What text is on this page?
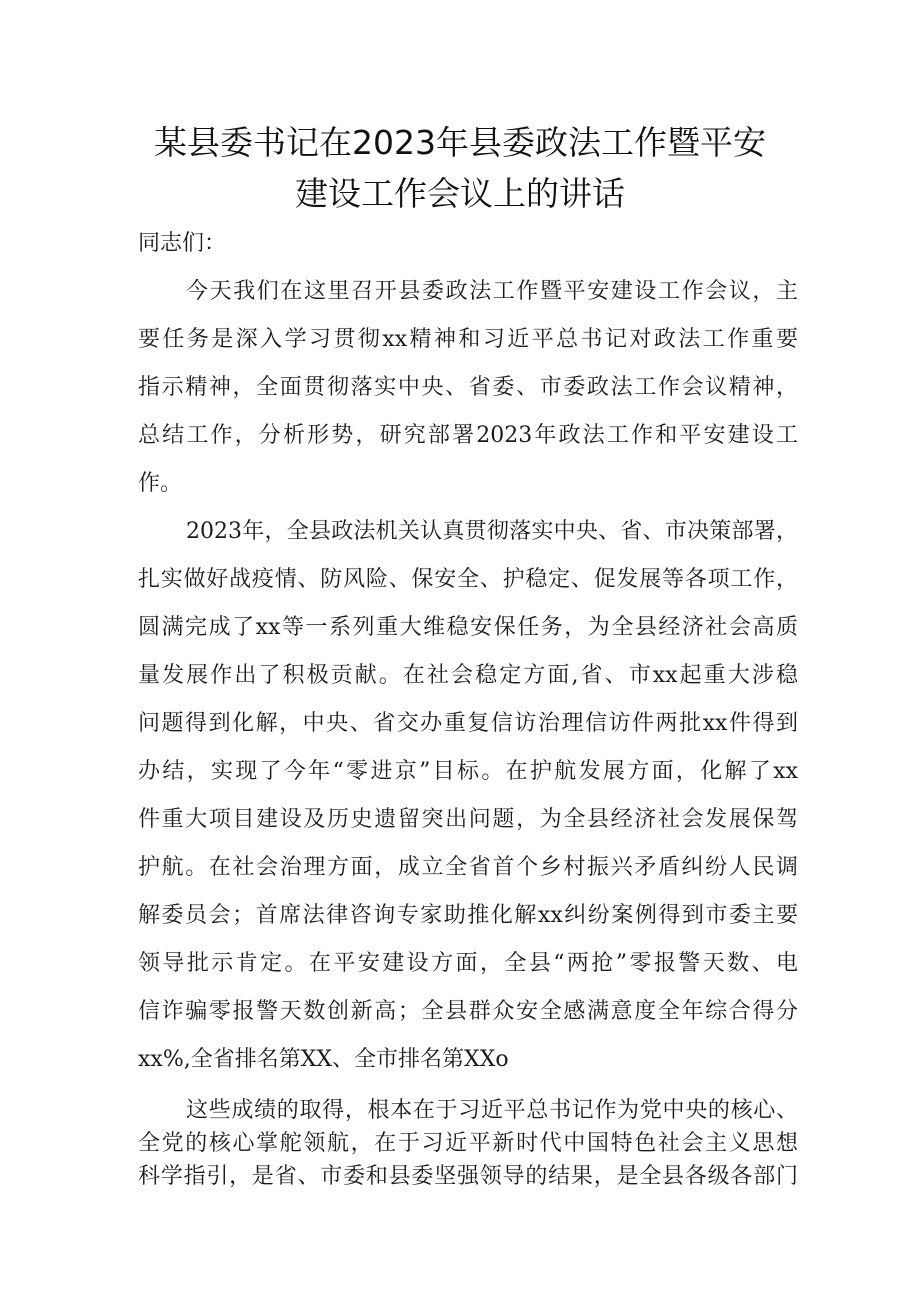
某县委书记在2023年县委政法工作暨平安
建设工作会议上的讲话
同志们：
今天我们在这里召开县委政法工作暨平安建设工作会议，主
要任务是深入学习贯彻xx精神和习近平总书记对政法工作重要
指示精神，全面贯彻落实中央、省委、市委政法工作会议精神，
总结工作，分析形势，研究部署2023年政法工作和平安建设工
作。
2023年，全县政法机关认真贯彻落实中央、省、市决策部署，
扎实做好战疫情、防风险、保安全、护稳定、促发展等各项工作，
圆满完成了xx等一系列重大维稳安保任务，为全县经济社会高质
量发展作出了积极贡献。在社会稳定方面,省、市xx起重大涉稳
问题得到化解，中央、省交办重复信访治理信访件两批xx件得到
办结，实现了今年“零进京”目标。在护航发展方面，化解了xx
件重大项目建设及历史遗留突出问题，为全县经济社会发展保驾
护航。在社会治理方面，成立全省首个乡村振兴矛盾纠纷人民调
解委员会；首席法律咨询专家助推化解xx纠纷案例得到市委主要
领导批示肯定。在平安建设方面，全县“两抢”零报警天数、电
信诈骗零报警天数创新高；全县群众安全感满意度全年综合得分
xx%,全省排名第XX、全市排名第XXo
这些成绩的取得，根本在于习近平总书记作为党中央的核心、
全党的核心掌舵领航，在于习近平新时代中国特色社会主义思想
科学指引，是省、市委和县委坚强领导的结果，是全县各级各部门
